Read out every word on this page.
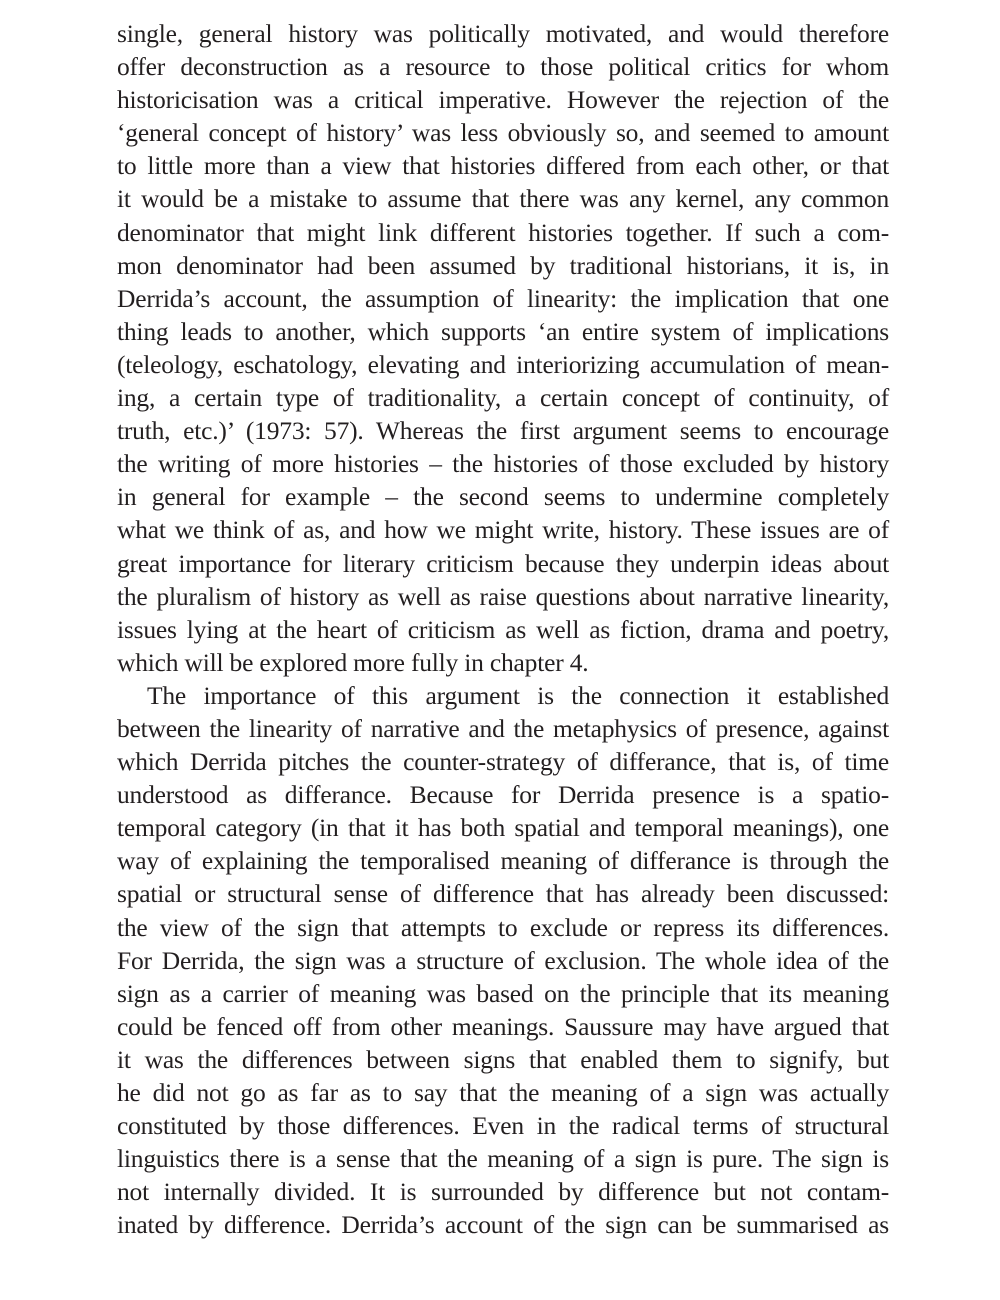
single, general history was politically motivated, and would therefore
offer deconstruction as a resource to those political critics for whom
historicisation was a critical imperative. However the rejection of the
‘general concept of history’ was less obviously so, and seemed to amount
to little more than a view that histories differed from each other, or that
it would be a mistake to assume that there was any kernel, any common
denominator that might link different histories together. If such a com-
mon denominator had been assumed by traditional historians, it is, in
Derrida’s account, the assumption of linearity: the implication that one
thing leads to another, which supports ‘an entire system of implications
(teleology, eschatology, elevating and interiorizing accumulation of mean-
ing, a certain type of traditionality, a certain concept of continuity, of
truth, etc.)’ (1973: 57). Whereas the first argument seems to encourage
the writing of more histories – the histories of those excluded by history
in general for example – the second seems to undermine completely
what we think of as, and how we might write, history. These issues are of
great importance for literary criticism because they underpin ideas about
the pluralism of history as well as raise questions about narrative linearity,
issues lying at the heart of criticism as well as fiction, drama and poetry,
which will be explored more fully in chapter 4.
The importance of this argument is the connection it established
between the linearity of narrative and the metaphysics of presence, against
which Derrida pitches the counter-strategy of differance, that is, of time
understood as differance. Because for Derrida presence is a spatio-
temporal category (in that it has both spatial and temporal meanings), one
way of explaining the temporalised meaning of differance is through the
spatial or structural sense of difference that has already been discussed:
the view of the sign that attempts to exclude or repress its differences.
For Derrida, the sign was a structure of exclusion. The whole idea of the
sign as a carrier of meaning was based on the principle that its meaning
could be fenced off from other meanings. Saussure may have argued that
it was the differences between signs that enabled them to signify, but
he did not go as far as to say that the meaning of a sign was actually
constituted by those differences. Even in the radical terms of structural
linguistics there is a sense that the meaning of a sign is pure. The sign is
not internally divided. It is surrounded by difference but not contam-
inated by difference. Derrida’s account of the sign can be summarised as
